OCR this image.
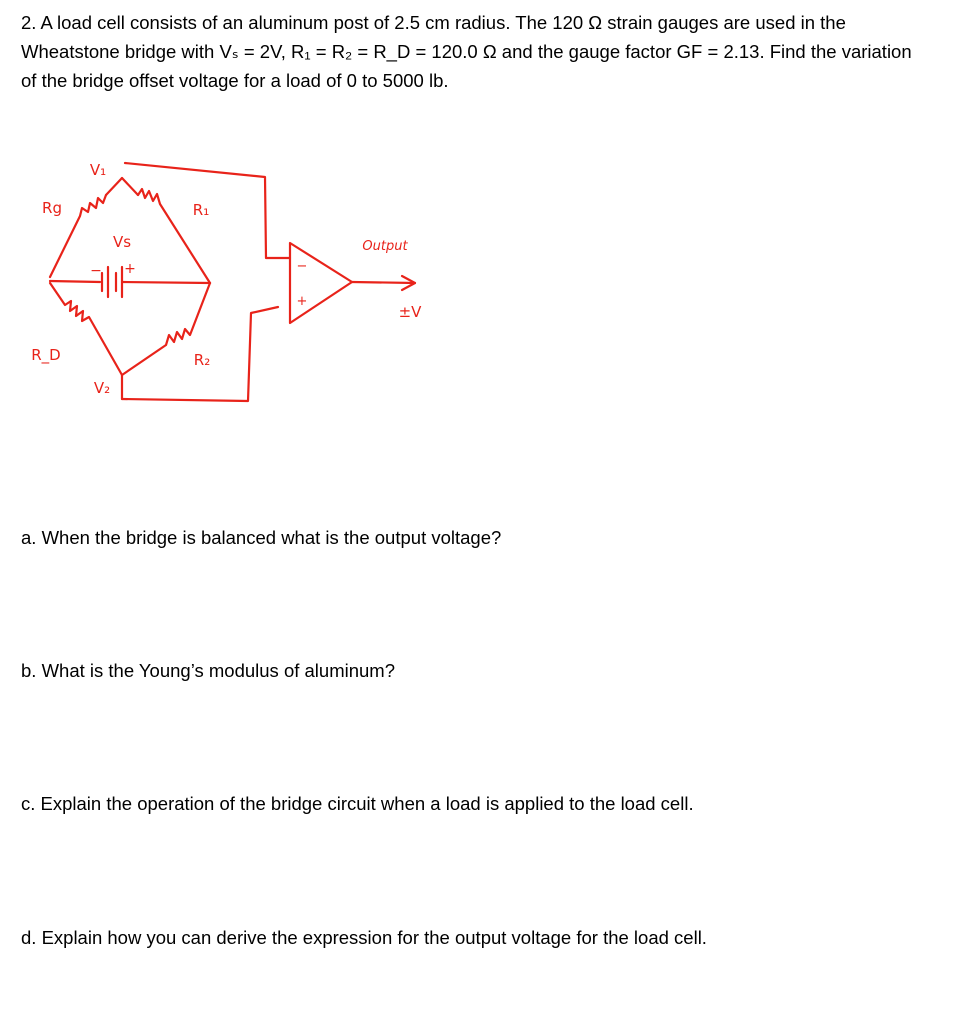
2. A load cell consists of an aluminum post of 2.5 cm radius. The 120 Ω strain gauges are used in the
Wheatstone bridge with Vₛ = 2V, R₁ = R₂ = R_D = 120.0 Ω and the gauge factor GF = 2.13. Find the variation
of the bridge offset voltage for a load of 0 to 5000 lb.
V₁
Rg	R₁
Vs
− +
R_D	R₂
V₂
−
+
Output
±V
a. When the bridge is balanced what is the output voltage?
b. What is the Young’s modulus of aluminum?
c. Explain the operation of the bridge circuit when a load is applied to the load cell.
d. Explain how you can derive the expression for the output voltage for the load cell.
